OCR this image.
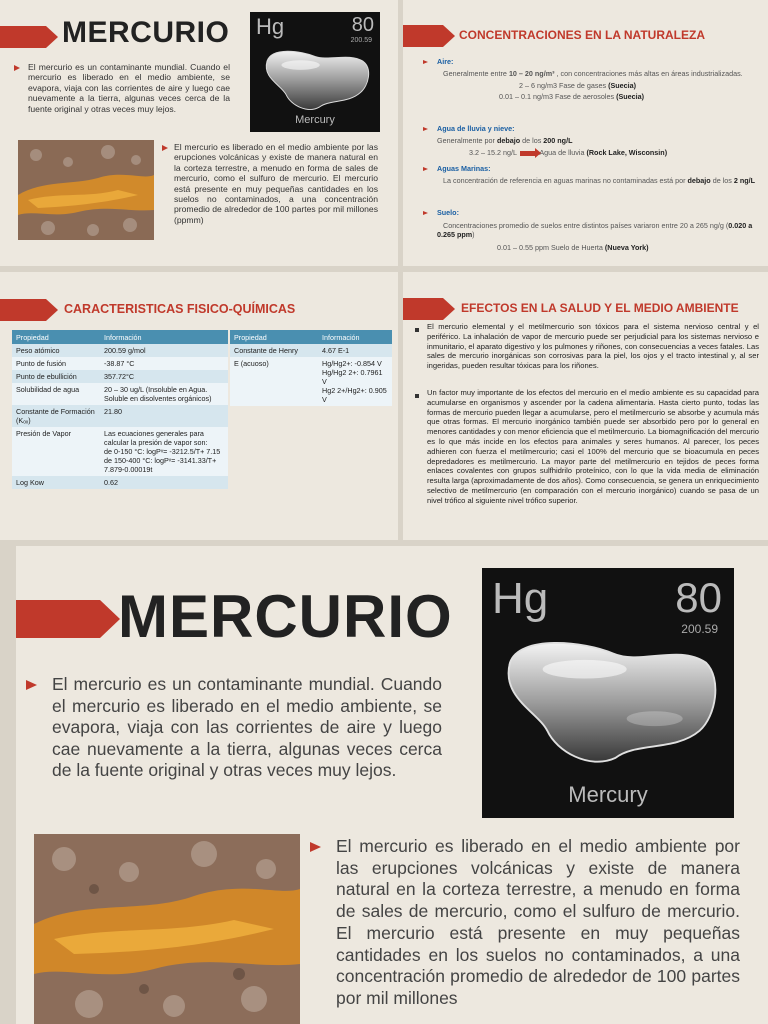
MERCURIO Hg	80
200.59
Mercury
El mercurio es un contaminante mundial. Cuando el mercurio es liberado en el medio ambiente, se evapora, viaja con las corrientes de aire y luego cae nuevamente a la tierra, algunas veces cerca de la fuente original y otras veces muy lejos.
El mercurio es liberado en el medio ambiente por las erupciones volcánicas y existe de manera natural en la corteza terrestre, a menudo en forma de sales de mercurio, como el sulfuro de mercurio. El mercurio está presente en muy pequeñas cantidades en los suelos no contaminados, a una concentración promedio de alrededor de 100 partes por mil millones (ppmm)
CONCENTRACIONES EN LA NATURALEZA
Aire:
Generalmente entre 10 – 20 ng/m³ , con concentraciones más altas en áreas industrializadas.
2 – 6 ng/m3 Fase de gases (Suecia)
0.01 – 0.1 ng/m3 Fase de aerosoles (Suecia)
Agua de lluvia y nieve:
Generalmente por debajo de los 200 ng/L
3.2 – 15.2 ng/L	Agua de lluvia (Rock Lake, Wisconsin)
Aguas Marinas:
La concentración de referencia en aguas marinas no contaminadas está por debajo de los 2 ng/L
Suelo:
Concentraciones promedio de suelos entre distintos países variaron entre 20 a 265 ng/g (0.020 a 0.265 ppm)
0.01 – 0.55 ppm Suelo de Huerta (Nueva York)
CARACTERISTICAS FISICO-QUÍMICAS
Propiedad	Información
Peso atómico	200.59 g/mol
Punto de fusión	-38.87 °C
Punto de ebullición	357.72°C
Solubilidad de agua	20 – 30 ug/L (Insoluble en Agua. Soluble en disolventes orgánicos)
Constante de Formación (Kₒₓ)	21.80
Presión de Vapor	Las ecuaciones generales para calcular la presión de vapor son:
de 0-150 °C: logPᵛ= -3212.5/T+ 7.15
de 150-400 °C: logPᵛ= -3141.33/T+ 7.879-0.00019t
Log Kow	0.62
Propiedad	Información
Constante de Henry	4.67 E-1
E (acuoso)	Hg/Hg2+: -0.854 V
Hg/Hg2 2+: 0.7961 V
Hg2 2+/Hg2+: 0.905 V
EFECTOS EN LA SALUD Y EL MEDIO AMBIENTE
El mercurio elemental y el metilmercurio son tóxicos para el sistema nervioso central y el periférico. La inhalación de vapor de mercurio puede ser perjudicial para los sistemas nervioso e inmunitario, el aparato digestivo y los pulmones y riñones, con consecuencias a veces fatales. Las sales de mercurio inorgánicas son corrosivas para la piel, los ojos y el tracto intestinal y, al ser ingeridas, pueden resultar tóxicas para los riñones.
Un factor muy importante de los efectos del mercurio en el medio ambiente es su capacidad para acumularse en organismos y ascender por la cadena alimentaria. Hasta cierto punto, todas las formas de mercurio pueden llegar a acumularse, pero el metilmercurio se absorbe y acumula más que otras formas. El mercurio inorgánico también puede ser absorbido pero por lo general en menores cantidades y con menor eficiencia que el metilmercurio. La biomagnificación del mercurio es lo que más incide en los efectos para animales y seres humanos. Al parecer, los peces adhieren con fuerza el metilmercurio; casi el 100% del mercurio que se bioacumula en peces depredadores es metilmercurio. La mayor parte del metilmercurio en tejidos de peces forma enlaces covalentes con grupos sulfhidrilo proteínico, con lo que la vida media de eliminación resulta larga (aproximadamente de dos años). Como consecuencia, se genera un enriquecimiento selectivo de metilmercurio (en comparación con el mercurio inorgánico) cuando se pasa de un nivel trófico al siguiente nivel trófico superior.
MERCURIO Hg	80
200.59
Mercury
El mercurio es un contaminante mundial. Cuando el mercurio es liberado en el medio ambiente, se evapora, viaja con las corrientes de aire y luego cae nuevamente a la tierra, algunas veces cerca de la fuente original y otras veces muy lejos.
El mercurio es liberado en el medio ambiente por las erupciones volcánicas y existe de manera natural en la corteza terrestre, a menudo en forma de sales de mercurio, como el sulfuro de mercurio. El mercurio está presente en muy pequeñas cantidades en los suelos no contaminados, a una concentración promedio de alrededor de 100 partes por mil millones
